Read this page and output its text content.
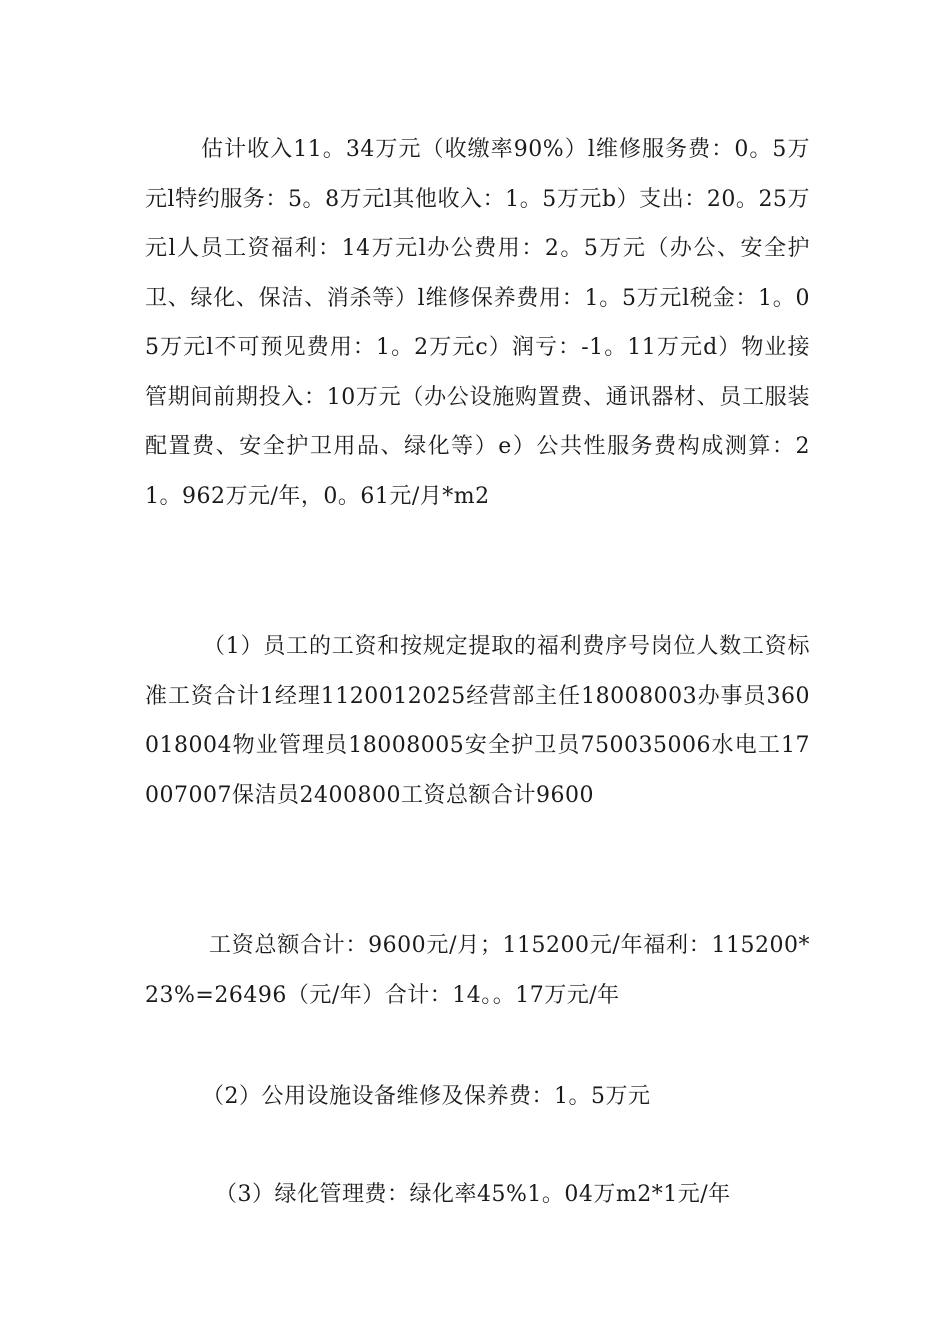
估计收入11。34万元（收缴率90%）l维修服务费：0。5万元l特约服务：5。8万元l其他收入：1。5万元b）支出：20。25万元l人员工资福利：14万元l办公费用：2。5万元（办公、安全护卫、绿化、保洁、消杀等）l维修保养费用：1。5万元l税金：1。05万元l不可预见费用：1。2万元c）润亏：-1。11万元d）物业接管期间前期投入：10万元（办公设施购置费、通讯器材、员工服装配置费、安全护卫用品、绿化等）e）公共性服务费构成测算：21。962万元/年，0。61元/月*m2

（1）员工的工资和按规定提取的福利费序号岗位人数工资标准工资合计1经理1120012025经营部主任18008003办事员360018004物业管理员18008005安全护卫员750035006水电工17007007保洁员2400800工资总额合计9600

工资总额合计：9600元/月；115200元/年福利：115200*23%=26496（元/年）合计：14。。17万元/年

（2）公用设施设备维修及保养费：1。5万元

（3）绿化管理费：绿化率45%1。04万m2*1元/年
